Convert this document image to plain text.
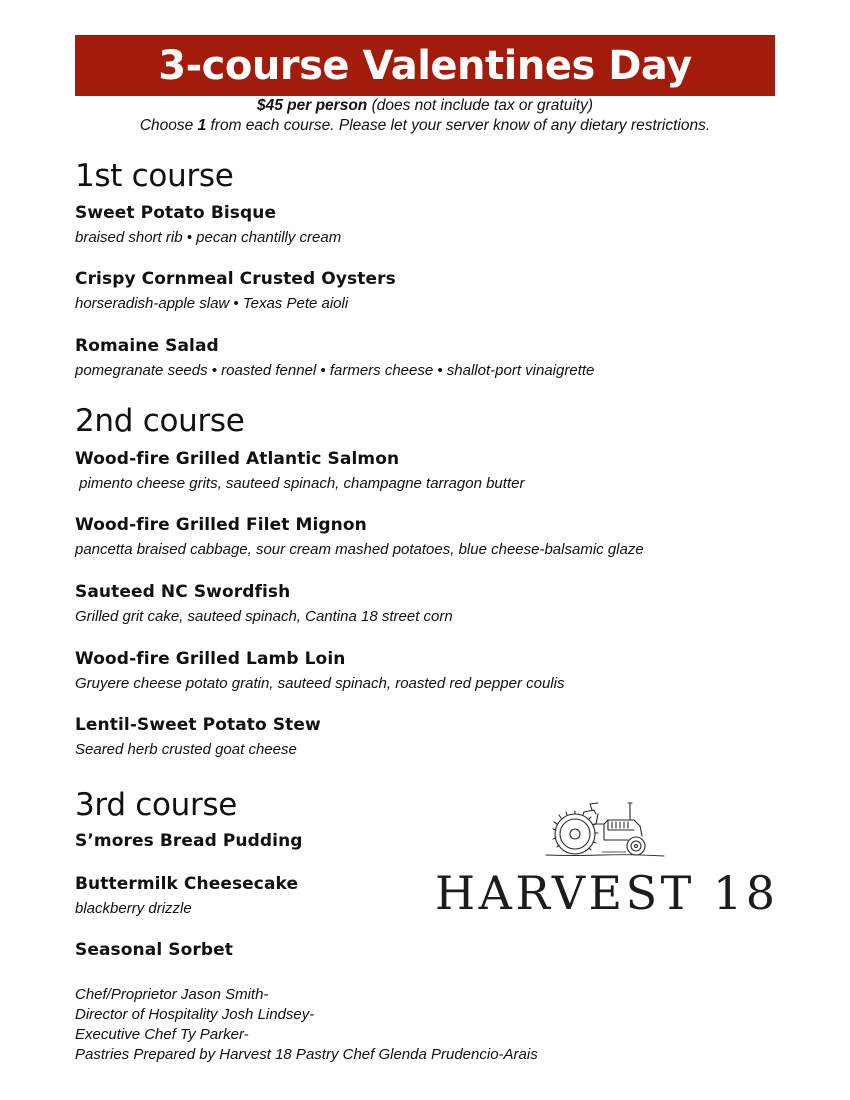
3-course Valentines Day
$45 per person (does not include tax or gratuity)
Choose 1 from each course. Please let your server know of any dietary restrictions.
1st course
Sweet Potato Bisque
braised short rib • pecan chantilly cream
Crispy Cornmeal Crusted Oysters
horseradish-apple slaw • Texas Pete aioli
Romaine Salad
pomegranate seeds • roasted fennel • farmers cheese • shallot-port vinaigrette
2nd course
Wood-fire Grilled Atlantic Salmon
pimento cheese grits, sauteed spinach, champagne tarragon butter
Wood-fire Grilled Filet Mignon
pancetta braised cabbage, sour cream mashed potatoes, blue cheese-balsamic glaze
Sauteed NC Swordfish
Grilled grit cake, sauteed spinach, Cantina 18 street corn
Wood-fire Grilled Lamb Loin
Gruyere cheese potato gratin, sauteed spinach, roasted red pepper coulis
Lentil-Sweet Potato Stew
Seared herb crusted goat cheese
3rd course
S’mores Bread Pudding
Buttermilk Cheesecake
blackberry drizzle
Seasonal Sorbet
Chef/Proprietor Jason Smith-
Director of Hospitality Josh Lindsey-
Executive Chef Ty Parker-
Pastries Prepared by Harvest 18 Pastry Chef Glenda Prudencio-Arais
HARVEST 18
